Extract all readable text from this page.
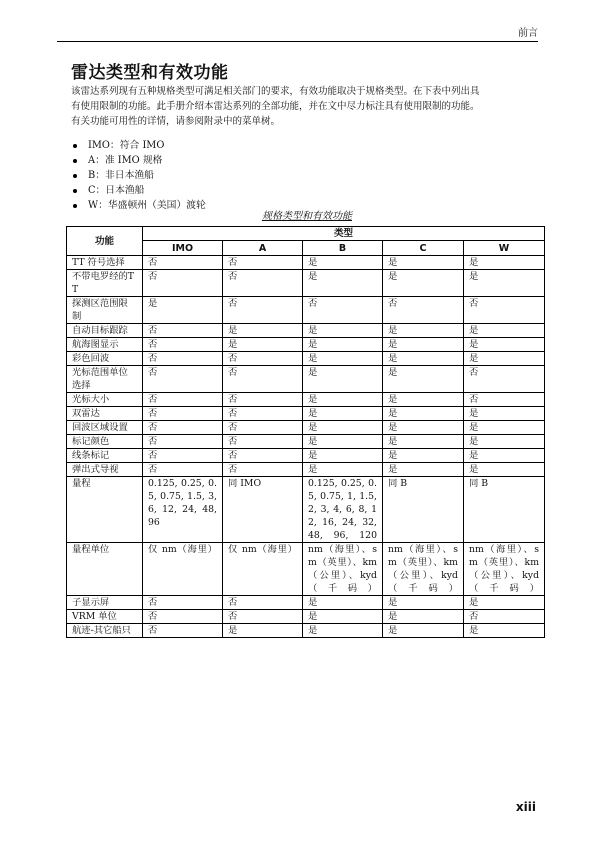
前言
雷达类型和有效功能

该雷达系列现有五种规格类型可满足相关部门的要求，有效功能取决于规格类型。在下表中列出具

有使用限制的功能。此手册介绍本雷达系列的全部功能，并在文中尽力标注具有使用限制的功能。

有关功能可用性的详情，请参阅附录中的菜单树。

IMO：符合 IMO
A：准 IMO 规格
B：非日本渔船
C：日本渔船
W：华盛顿州（美国）渡轮
规格类型和有效功能
功能	类型				
	IMO	A	B	C	W
TT 符号选择	否	否	是	是	是
不带电罗经的TT	否	否	是	是	是
探测区范围限制	是	否	否	否	否
自动目标跟踪	否	是	是	是	是
航海图显示	否	是	是	是	是
彩色回波	否	否	是	是	是
光标范围单位选择	否	否	是	是	否
光标大小	否	否	是	是	否
双雷达	否	否	是	是	是
回波区域设置	否	否	是	是	是
标记颜色	否	否	是	是	是
线条标记	否	否	是	是	是
弹出式导视	否	否	是	是	是
量程	0.125, 0.25, 0.5, 0.75, 1.5, 3, 6, 12, 24, 48, 96	同 IMO	0.125, 0.25, 0.5, 0.75, 1, 1.5, 2, 3, 4, 6, 8, 12, 16, 24, 32, 48, 96, 120	同 B	同 B
量程单位	仅 nm（海里）	仅 nm（海里）	nm（海里）、sm（英里）、km（公里）、kyd（千码）	nm（海里）、sm（英里）、km（公里）、kyd（千码）	nm（海里）、sm（英里）、km（公里）、kyd（千码）
子显示屏	否	否	是	是	是
VRM 单位	否	否	是	是	否
航迹-其它船只	否	是	是	是	是
xiii
